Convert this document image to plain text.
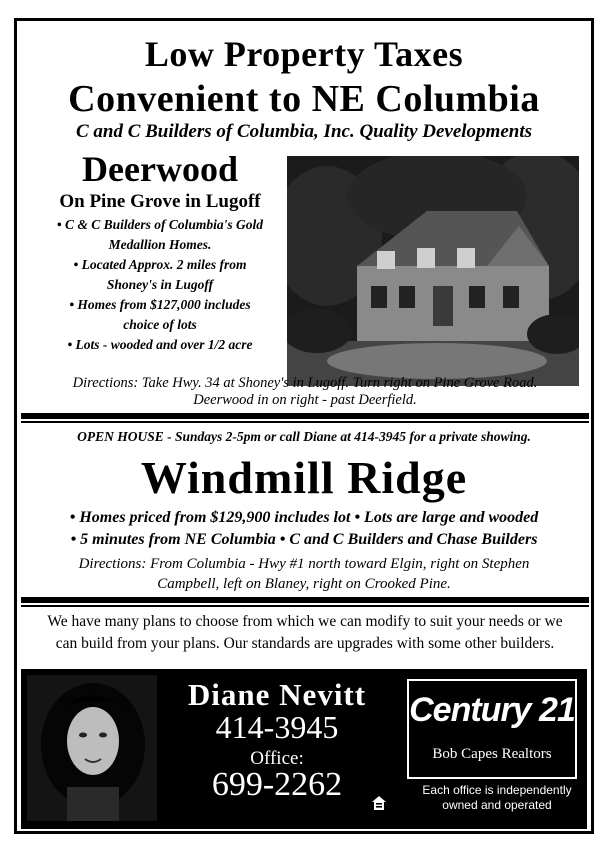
Low Property Taxes
Convenient to NE Columbia
C and C Builders of Columbia, Inc. Quality Developments

Deerwood

On Pine Grove in Lugoff

• C & C Builders of Columbia's Gold

Medallion Homes.

• Located Approx. 2 miles from

Shoney's in Lugoff

• Homes from $127,000 includes

choice of lots

• Lots - wooded and over 1/2 acre

Directions: Take Hwy. 34 at Shoney's in Lugoff. Turn right on Pine Grove Road.
Deerwood in on right - past Deerfield.
OPEN HOUSE - Sundays 2-5pm or call Diane at 414-3945 for a private showing.
Windmill Ridge
• Homes priced from $129,900 includes lot • Lots are large and wooded
• 5 minutes from NE Columbia • C and C Builders and Chase Builders
Directions: From Columbia - Hwy #1 north toward Elgin, right on Stephen
Campbell, left on Blaney, right on Crooked Pine.
We have many plans to choose from which we can modify to suit your needs or we
can build from your plans. Our standards are upgrades with some other builders.
Diane Nevitt
414-3945
Office:
699-2262
Century 21
Bob Capes Realtors
Each office is independently
owned and operated
